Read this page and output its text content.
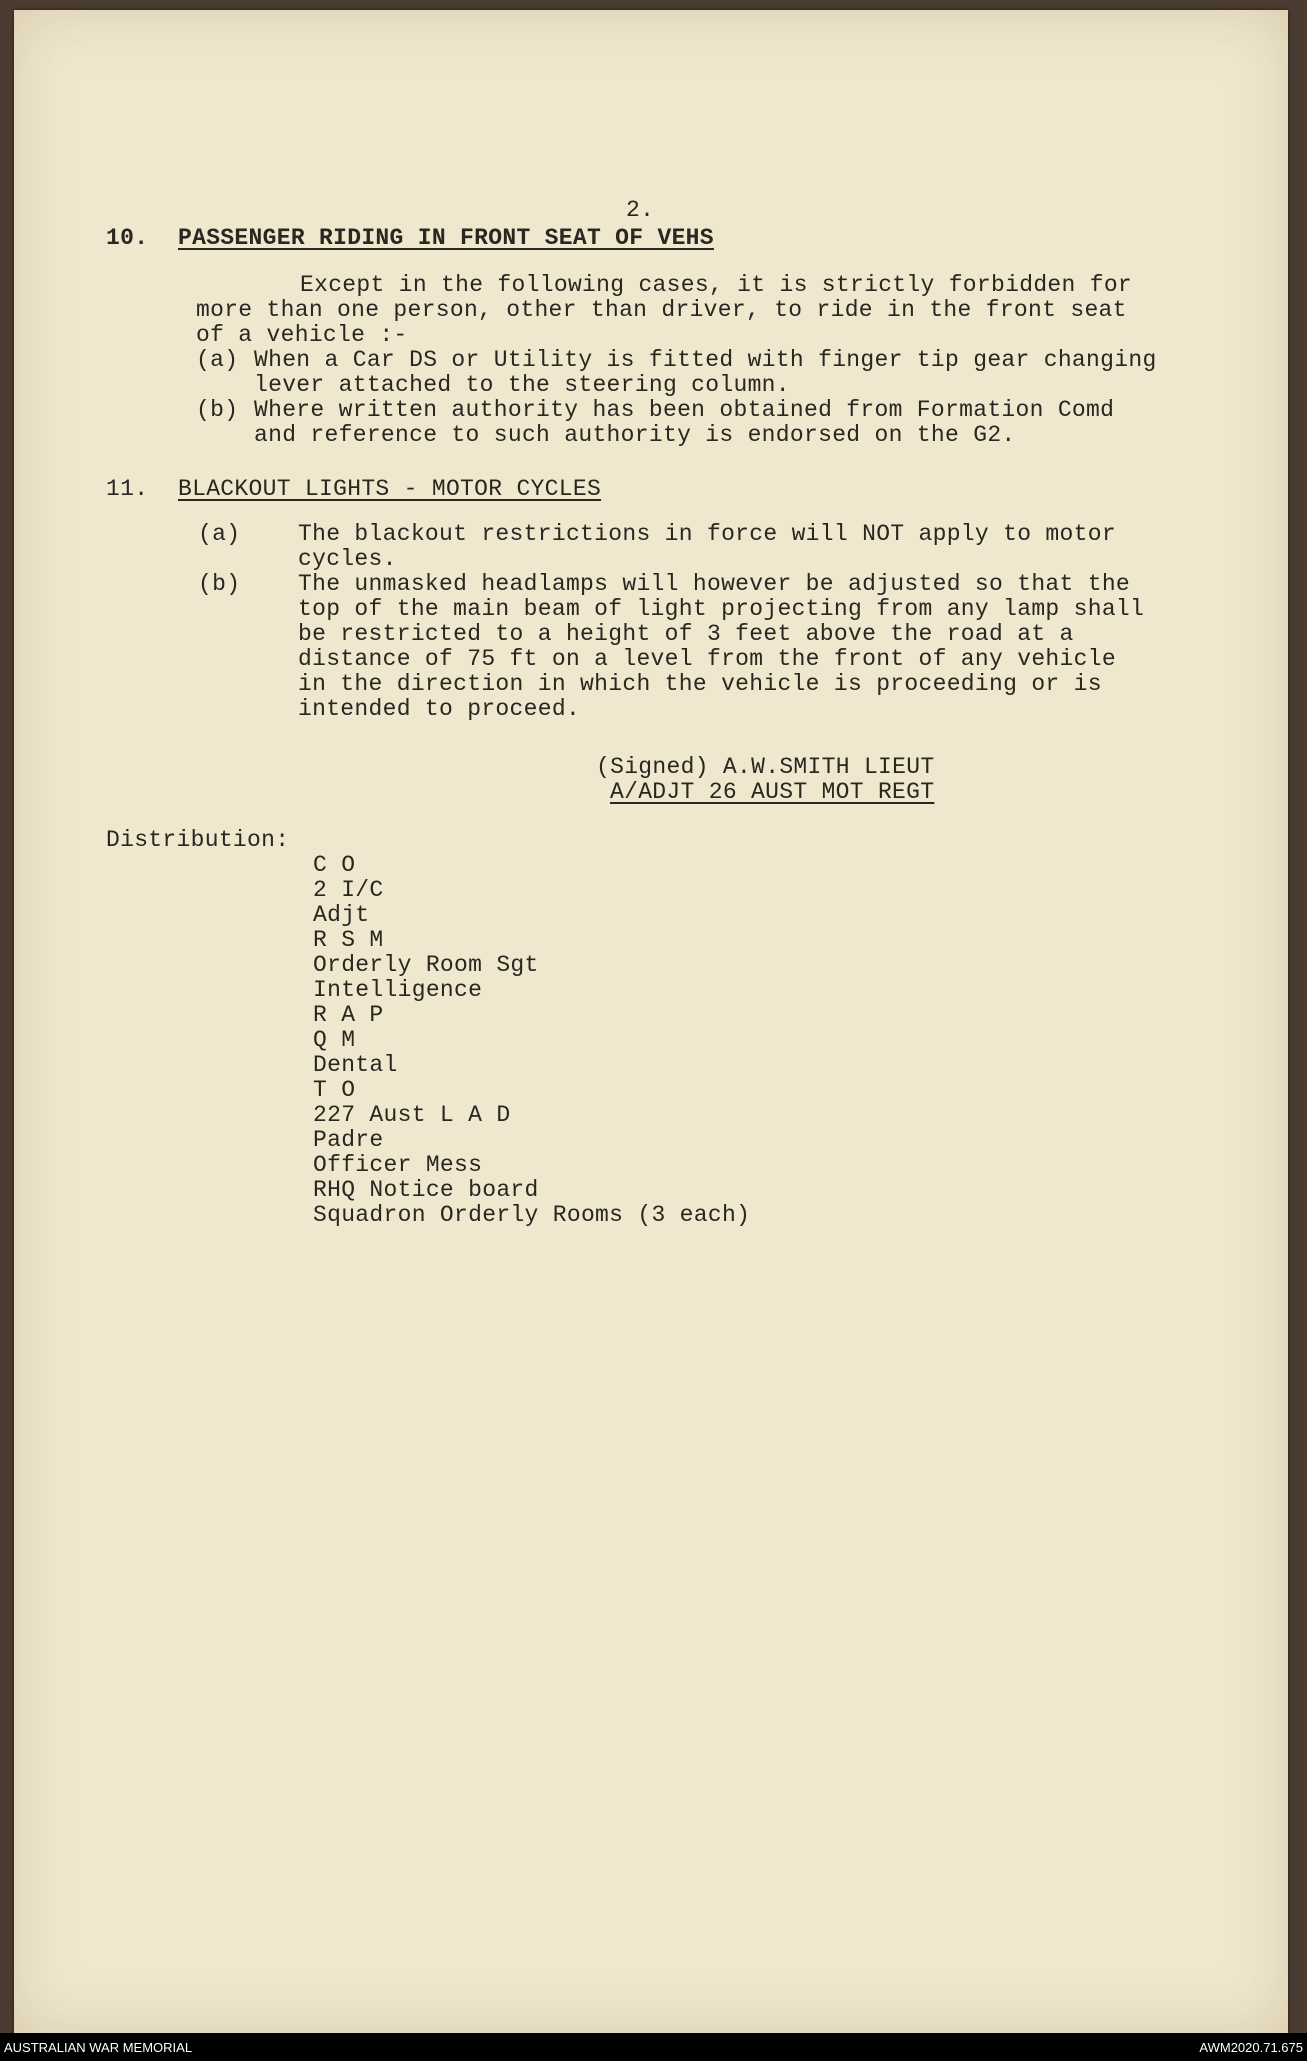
2.

10. PASSENGER RIDING IN FRONT SEAT OF VEHS

Except in the following cases, it is strictly forbidden for

more than one person, other than driver, to ride in the front seat

of a vehicle :-

(a) When a Car DS or Utility is fitted with finger tip gear changing

lever attached to the steering column.

(b) Where written authority has been obtained from Formation Comd

and reference to such authority is endorsed on the G2.

11. BLACKOUT LIGHTS - MOTOR CYCLES

(a)	The blackout restrictions in force will NOT apply to motor

cycles.

(b)	The unmasked headlamps will however be adjusted so that the

top of the main beam of light projecting from any lamp shall

be restricted to a height of 3 feet above the road at a

distance of 75 ft on a level from the front of any vehicle

in the direction in which the vehicle is proceeding or is

intended to proceed.

(Signed) A.W.SMITH LIEUT

A/ADJT 26 AUST MOT REGT

Distribution:

C O

2 I/C

Adjt

R S M

Orderly Room Sgt

Intelligence

R A P

Q M

Dental

T O

227 Aust L A D

Padre

Officer Mess

RHQ Notice board

Squadron Orderly Rooms (3 each)

AUSTRALIAN WAR MEMORIAL	AWM2020.71.675
